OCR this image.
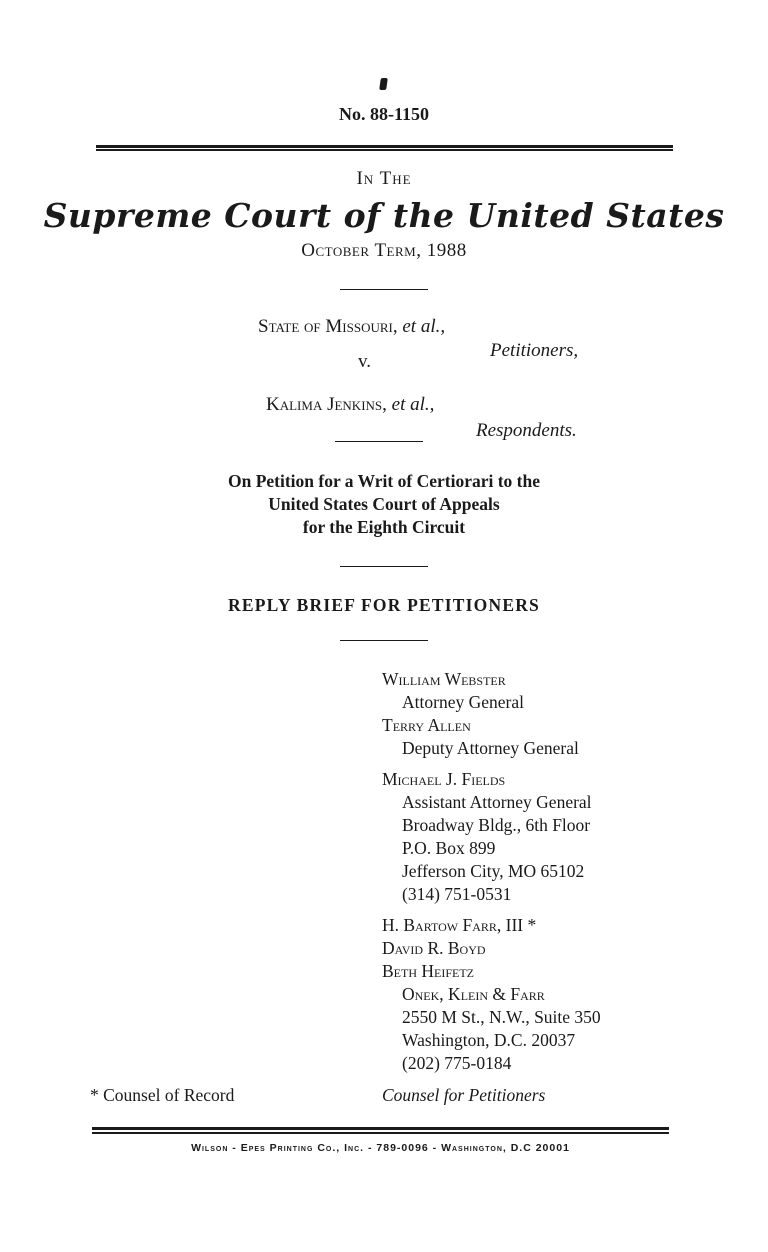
No. 88-1150
In The
Supreme Court of the United States
October Term, 1988
State of Missouri, et al.,
Petitioners,
v.
Kalima Jenkins, et al.,
Respondents.
On Petition for a Writ of Certiorari to the
United States Court of Appeals
for the Eighth Circuit
REPLY BRIEF FOR PETITIONERS
William Webster
Attorney General
Terry Allen
Deputy Attorney General
Michael J. Fields
Assistant Attorney General
Broadway Bldg., 6th Floor
P.O. Box 899
Jefferson City, MO 65102
(314) 751-0531
H. Bartow Farr, III *
David R. Boyd
Beth Heifetz
Onek, Klein & Farr
2550 M St., N.W., Suite 350
Washington, D.C. 20037
(202) 775-0184
* Counsel of Record	Counsel for Petitioners
Wilson - Epes Printing Co., Inc. - 789-0096 - Washington, D.C 20001
